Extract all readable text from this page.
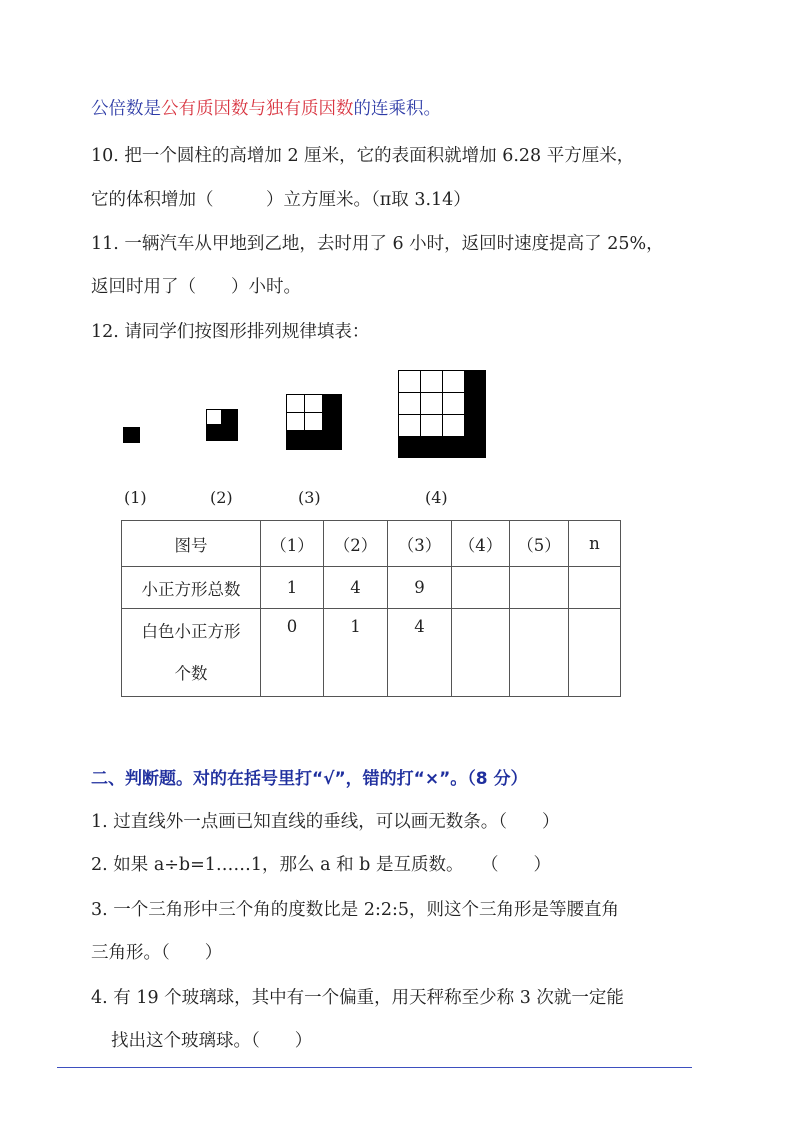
公倍数是公有质因数与独有质因数的连乘积。
10. 把一个圆柱的高增加 2 厘米，它的表面积就增加 6.28 平方厘米，
它的体积增加（　　　）立方厘米。（π取 3.14）
11. 一辆汽车从甲地到乙地，去时用了 6 小时，返回时速度提高了 25%，
返回时用了（　　）小时。
12. 请同学们按图形排列规律填表：
(1)	(2)	(3)	(4)
图号	（1）	（2）	（3）	（4）	（5）	n
小正方形总数	1	4	9			

白色小正方形
个数	0	1	4			
二、判断题。对的在括号里打“√”，错的打“×”。（8 分）
1. 过直线外一点画已知直线的垂线，可以画无数条。（　　）
2. 如果 a÷b=1……1，那么 a 和 b 是互质数。　　（　　）
3. 一个三角形中三个角的度数比是 2:2:5，则这个三角形是等腰直角
三角形。（　　）
4. 有 19 个玻璃球，其中有一个偏重，用天秤称至少称 3 次就一定能
找出这个玻璃球。（　　）
